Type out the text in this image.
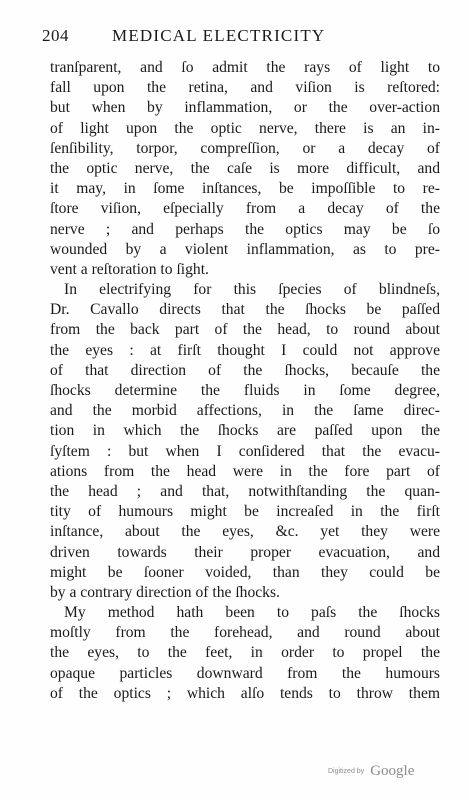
204	MEDICAL ELECTRICITY
tranſparent, and ſo admit the rays of light to
fall upon the retina, and viſion is reſtored:
but when by inflammation, or the over-action
of light upon the optic nerve, there is an in-
ſenſibility, torpor, compreſſion, or a decay of
the optic nerve, the caſe is more difficult, and
it may, in ſome inſtances, be impoſſible to re-
ſtore viſion, eſpecially from a decay of the
nerve ; and perhaps the optics may be ſo
wounded by a violent inflammation, as to pre-
vent a reſtoration to ſight.
In electrifying for this ſpecies of blindneſs,
Dr. Cavallo directs that the ſhocks be paſſed
from the back part of the head, to round about
the eyes : at firſt thought I could not approve
of that direction of the ſhocks, becauſe the
ſhocks determine the fluids in ſome degree,
and the morbid affections, in the ſame direc-
tion in which the ſhocks are paſſed upon the
ſyſtem : but when I conſidered that the evacu-
ations from the head were in the fore part of
the head ; and that, notwithſtanding the quan-
tity of humours might be increaſed in the firſt
inſtance, about the eyes, &c. yet they were
driven towards their proper evacuation, and
might be ſooner voided, than they could be
by a contrary direction of the ſhocks.
My method hath been to paſs the ſhocks
moſtly from the forehead, and round about
the eyes, to the feet, in order to propel the
opaque particles downward from the humours
of the optics ; which alſo tends to throw them
Digitized by Google
